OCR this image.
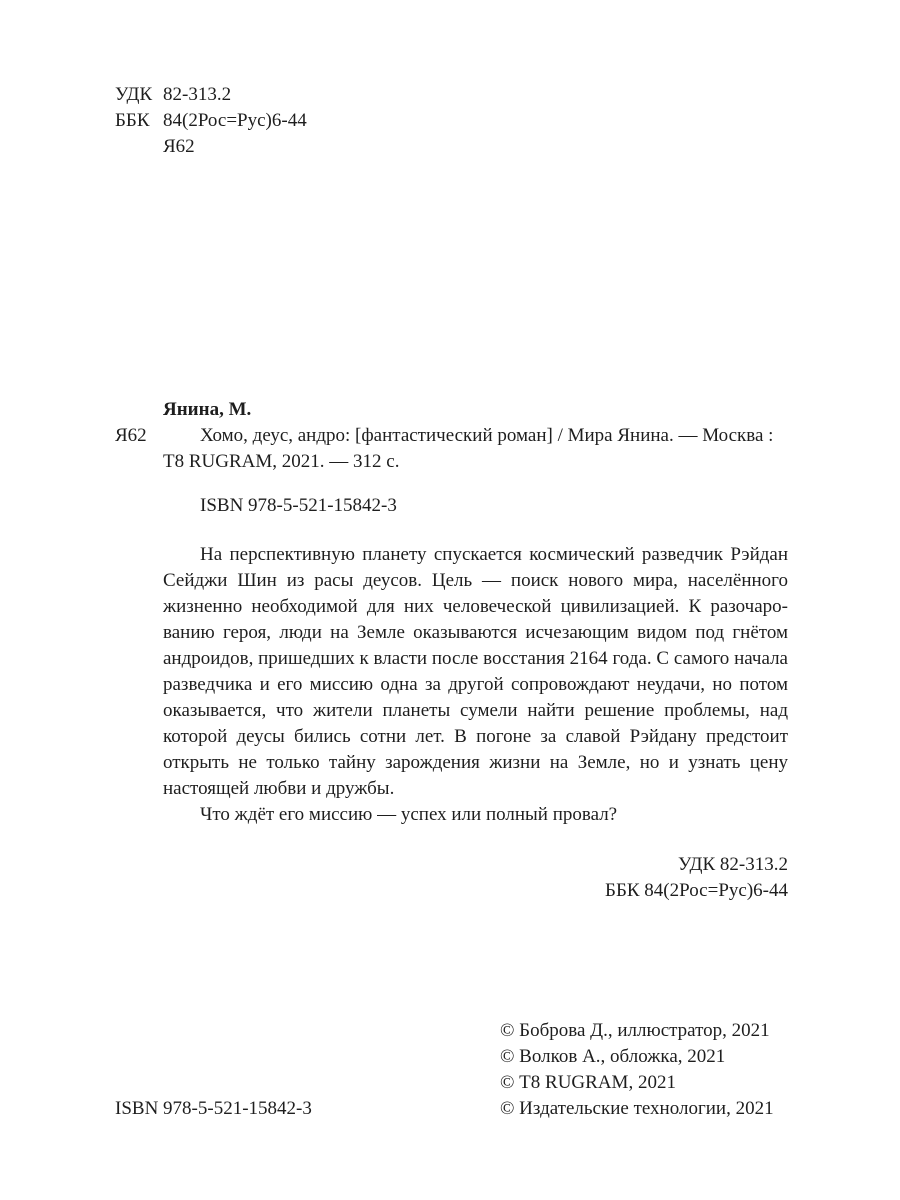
УДК 82-313.2
ББК 84(2Рос=Рус)6-44
Я62
Янина, М.
Я62	Хомо, деус, андро: [фантастический роман] / Мира Янина. — Москва :
Т8 RUGRAM, 2021. — 312 с.
ISBN 978-5-521-15842-3
На перспективную планету спускается космический разведчик Рэйдан
Сейджи Шин из расы деусов. Цель — поиск нового мира, населённого
жизненно необходимой для них человеческой цивилизацией. К разочаро-
ванию героя, люди на Земле оказываются исчезающим видом под гнётом
андроидов, пришедших к власти после восстания 2164 года. С самого начала
разведчика и его миссию одна за другой сопровождают неудачи, но потом
оказывается, что жители планеты сумели найти решение проблемы, над
которой деусы бились сотни лет. В погоне за славой Рэйдану предстоит
открыть не только тайну зарождения жизни на Земле, но и узнать цену
настоящей любви и дружбы.
Что ждёт его миссию — успех или полный провал?
УДК 82-313.2
ББК 84(2Рос=Рус)6-44
© Боброва Д., иллюстратор, 2021
© Волков А., обложка, 2021
© Т8 RUGRAM, 2021
© Издательские технологии, 2021
ISBN 978-5-521-15842-3
